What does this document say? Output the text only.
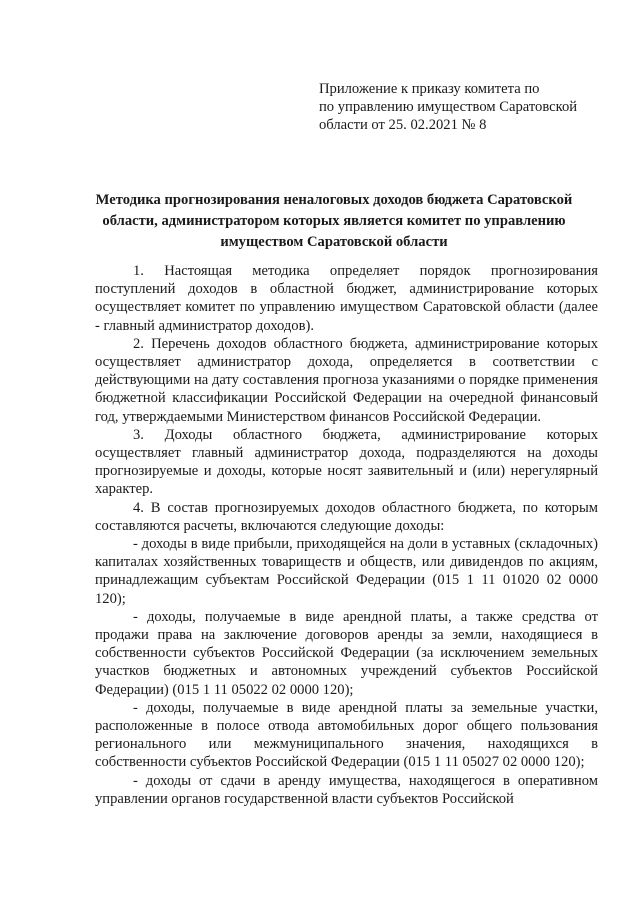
Приложение к приказу комитета по
по управлению имуществом Саратовской
области от 25. 02.2021 № 8
Методика прогнозирования неналоговых доходов бюджета Саратовской области, администратором которых является комитет по управлению имуществом Саратовской области

1. Настоящая методика определяет порядок прогнозирования поступлений доходов в областной бюджет, администрирование которых осуществляет комитет по управлению имуществом Саратовской области (далее - главный администратор доходов).

2. Перечень доходов областного бюджета, администрирование которых осуществляет администратор дохода, определяется в соответствии с действующими на дату составления прогноза указаниями о порядке применения бюджетной классификации Российской Федерации на очередной финансовый год, утверждаемыми Министерством финансов Российской Федерации.

3. Доходы областного бюджета, администрирование которых осуществляет главный администратор дохода, подразделяются на доходы прогнозируемые и доходы, которые носят заявительный и (или) нерегулярный характер.

4. В состав прогнозируемых доходов областного бюджета, по которым составляются расчеты, включаются следующие доходы:

- доходы в виде прибыли, приходящейся на доли в уставных (складочных) капиталах хозяйственных товариществ и обществ, или дивидендов по акциям, принадлежащим субъектам Российской Федерации (015 1 11 01020 02 0000 120);

- доходы, получаемые в виде арендной платы, а также средства от продажи права на заключение договоров аренды за земли, находящиеся в собственности субъектов Российской Федерации (за исключением земельных участков бюджетных и автономных учреждений субъектов Российской Федерации) (015 1 11 05022 02 0000 120);

- доходы, получаемые в виде арендной платы за земельные участки, расположенные в полосе отвода автомобильных дорог общего пользования регионального или межмуниципального значения, находящихся в собственности субъектов Российской Федерации (015 1 11 05027 02 0000 120);

- доходы от сдачи в аренду имущества, находящегося в оперативном управлении органов государственной власти субъектов Российской
